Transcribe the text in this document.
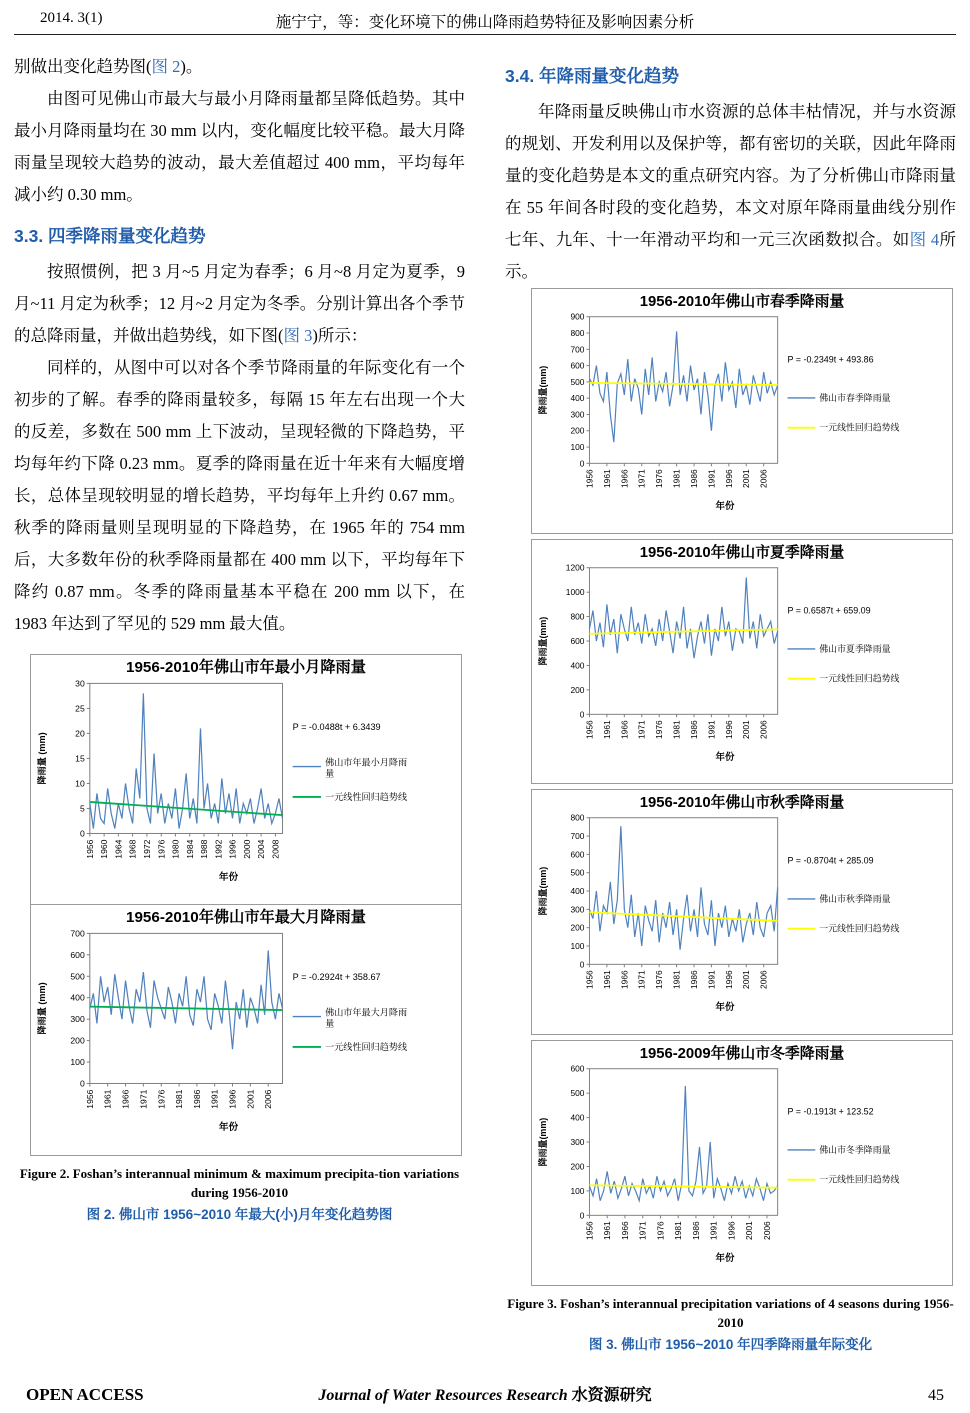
2014. 3(1)	施宁宁，等：变化环境下的佛山降雨趋势特征及影响因素分析

别做出变化趋势图(图 2)。

由图可见佛山市最大与最小月降雨量都呈降低趋势。其中最小月降雨量均在 30 mm 以内，变化幅度比较平稳。最大月降雨量呈现较大趋势的波动，最大差值超过 400 mm，平均每年减小约 0.30 mm。

3.3. 四季降雨量变化趋势

按照惯例，把 3 月~5 月定为春季；6 月~8 月定为夏季，9 月~11 月定为秋季；12 月~2 月定为冬季。分别计算出各个季节的总降雨量，并做出趋势线，如下图(图 3)所示：

同样的，从图中可以对各个季节降雨量的年际变化有一个初步的了解。春季的降雨量较多，每隔 15 年左右出现一个大的反差，多数在 500 mm 上下波动，呈现轻微的下降趋势，平均每年约下降 0.23 mm。夏季的降雨量在近十年来有大幅度增长，总体呈现较明显的增长趋势，平均每年上升约 0.67 mm。秋季的降雨量则呈现明显的下降趋势，在 1965 年的 754 mm 后，大多数年份的秋季降雨量都在 400 mm 以下，平均每年下降约 0.87 mm。冬季的降雨量基本平稳在 200 mm 以下，在 1983 年达到了罕见的 529 mm 最大值。

1956-2010年佛山市年最小月降雨量
0
5
10
15
20
25
30
1956 1960 1964 1968 1972 1976 1980 1984 1988 1992 1996 2000 2004 2008
降雨量 (mm)
年份
P = -0.0488t + 6.3439
佛山市年最小月降雨
量
一元线性回归趋势线
1956-2010年佛山市年最大月降雨量
0
100
200
300
400
500
600
700
1956 1961 1966 1971 1976 1981 1986 1991 1996 2001 2006
降雨量 (mm)
年份
P = -0.2924t + 358.67
佛山市年最大月降雨
量
一元线性回归趋势线
Figure 2. Foshan’s interannual minimum & maximum precipita-tion variations during 1956-2010
图 2. 佛山市 1956~2010 年最大(小)月年变化趋势图
3.4. 年降雨量变化趋势

年降雨量反映佛山市水资源的总体丰枯情况，并与水资源的规划、开发利用以及保护等，都有密切的关联，因此年降雨量的变化趋势是本文的重点研究内容。为了分析佛山市降雨量在 55 年间各时段的变化趋势，本文对原年降雨量曲线分别作七年、九年、十一年滑动平均和一元三次函数拟合。如图 4所示。

1956-2010年佛山市春季降雨量
0
100
200
300
400
500
600
700
800
900
1956 1961 1966 1971 1976 1981 1986 1991 1996 2001 2006
降雨量(mm)
年份
P = -0.2349t + 493.86
佛山市春季降雨量
一元线性回归趋势线
1956-2010年佛山市夏季降雨量
0
200
400
600
800
1000
1200
1956 1961 1966 1971 1976 1981 1986 1991 1996 2001 2006
降雨量(mm)
年份
P = 0.6587t + 659.09
佛山市夏季降雨量
一元线性回归趋势线
1956-2010年佛山市秋季降雨量
0
100
200
300
400
500
600
700
800
1956 1961 1966 1971 1976 1981 1986 1991 1996 2001 2006
降雨量(mm)
年份
P = -0.8704t + 285.09
佛山市秋季降雨量
一元线性回归趋势线
1956-2009年佛山市冬季降雨量
0
100
200
300
400
500
600
1956 1961 1966 1971 1976 1981 1986 1991 1996 2001 2006
降雨量(mm)
年份
P = -0.1913t + 123.52
佛山市冬季降雨量
一元线性回归趋势线
Figure 3. Foshan’s interannual precipitation variations of 4 seasons during 1956-2010
图 3. 佛山市 1956~2010 年四季降雨量年际变化
OPEN ACCESS	Journal of Water Resources Research 水资源研究	45
